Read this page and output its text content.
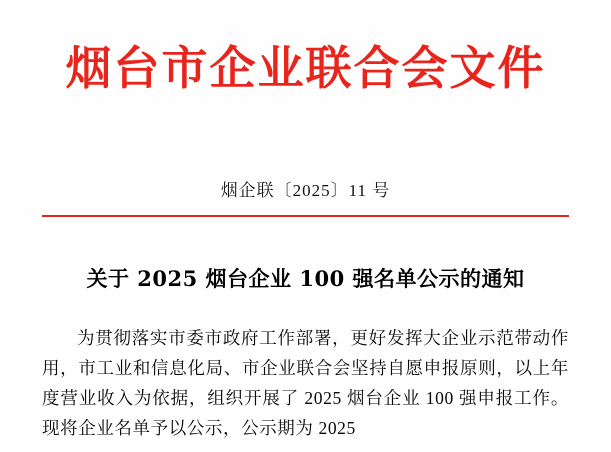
烟台市企业联合会文件
烟企联〔2025〕11 号
关于 2025 烟台企业 100 强名单公示的通知

为贯彻落实市委市政府工作部署，更好发挥大企业示范带动作用，市工业和信息化局、市企业联合会坚持自愿申报原则，以上年度营业收入为依据，组织开展了 2025 烟台企业 100 强申报工作。现将企业名单予以公示，公示期为 2025
